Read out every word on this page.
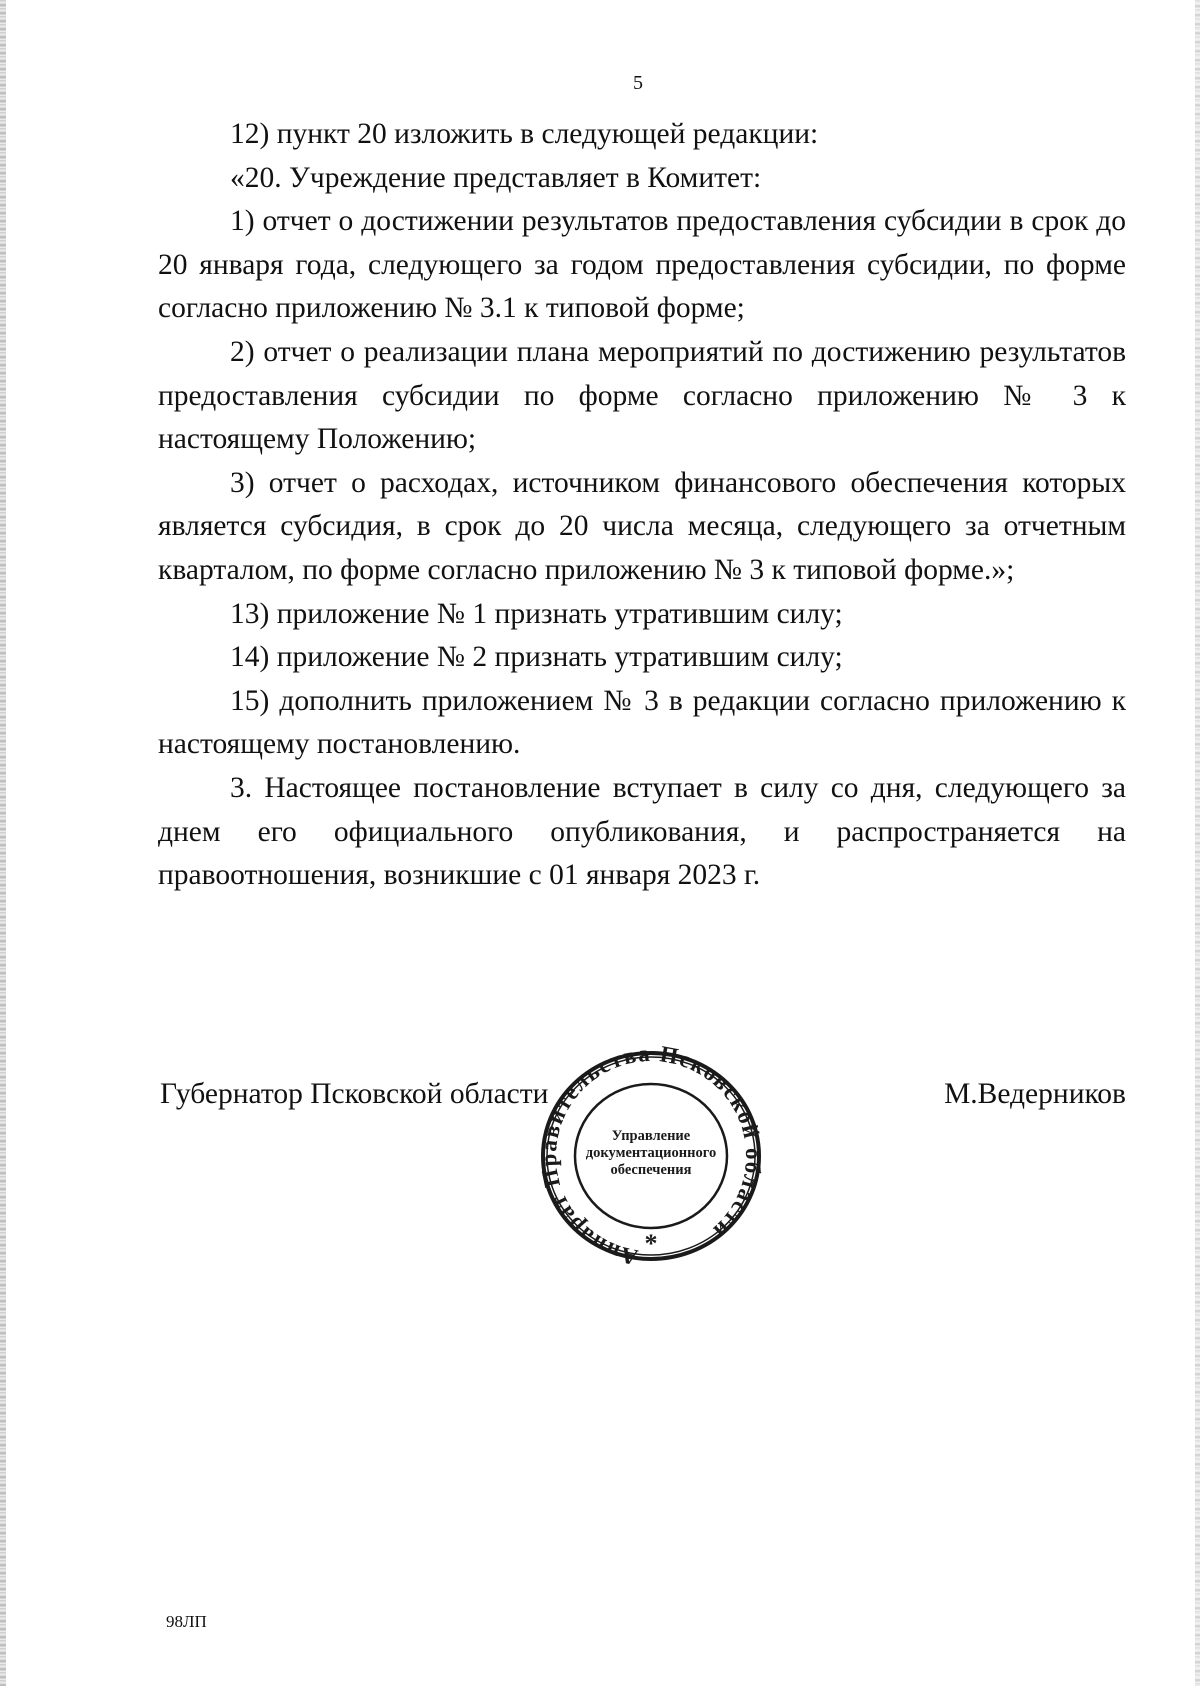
5

12) пункт 20 изложить в следующей редакции:

«20. Учреждение представляет в Комитет:

1) отчет о достижении результатов предоставления субсидии в срок до 20 января года, следующего за годом предоставления субсидии, по форме согласно приложению № 3.1 к типовой форме;

2) отчет о реализации плана мероприятий по достижению результатов предоставления субсидии по форме согласно приложению № 3 к настоящему Положению;

3) отчет о расходах, источником финансового обеспечения которых является субсидия, в срок до 20 числа месяца, следующего за отчетным кварталом, по форме согласно приложению № 3 к типовой форме.»;

13) приложение № 1 признать утратившим силу;

14) приложение № 2 признать утратившим силу;

15) дополнить приложением № 3 в редакции согласно приложению к настоящему постановлению.

3. Настоящее постановление вступает в силу со дня, следующего за днем его официального опубликования, и распространяется на правоотношения, возникшие с 01 января 2023 г.

Губернатор Псковской области	М.Ведерников
Аппарат Правительства Псковской области
Управление
документационного
обеспечения
*
98ЛП
